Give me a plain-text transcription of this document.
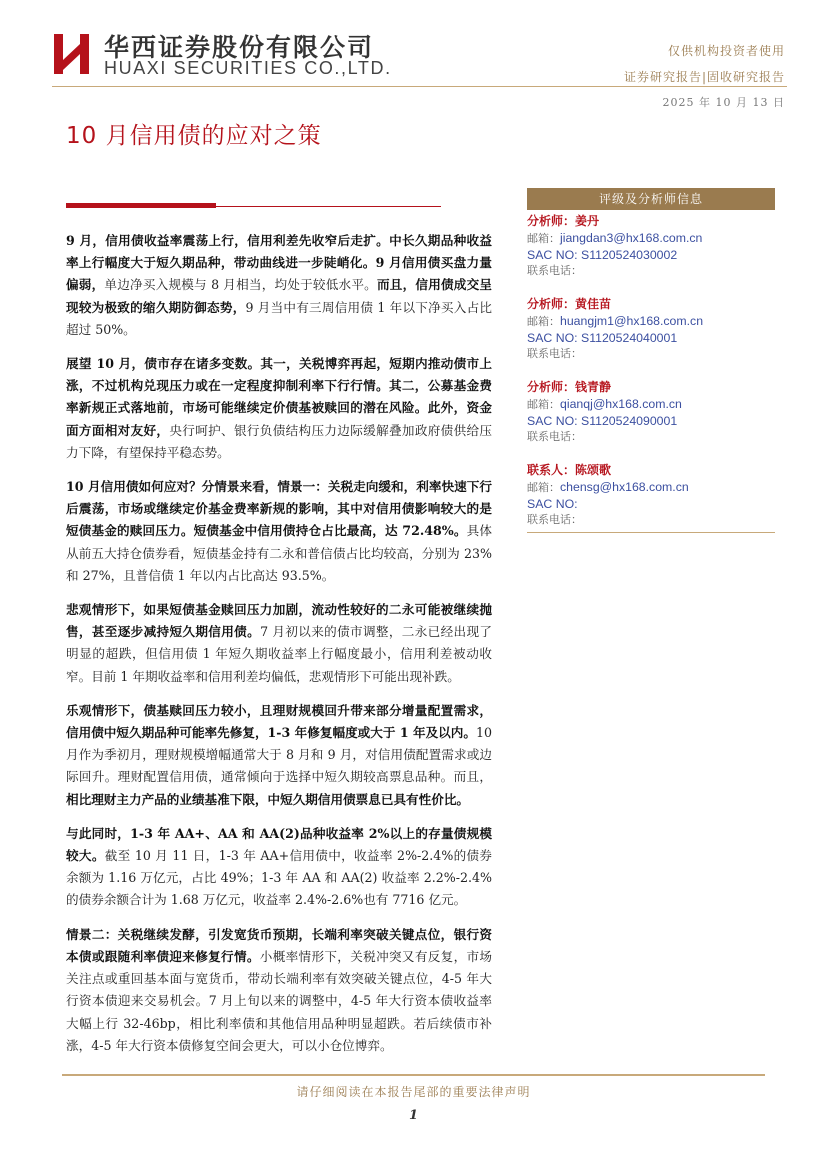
华西证券股份有限公司
HUAXI SECURITIES CO.,LTD.
仅供机构投资者使用
证券研究报告|固收研究报告
2025 年 10 月 13 日
10 月信用债的应对之策

9 月，信用债收益率震荡上行，信用利差先收窄后走扩。中长久期品种收益率上行幅度大于短久期品种，带动曲线进一步陡峭化。9 月信用债买盘力量偏弱，单边净买入规模与 8 月相当，均处于较低水平。而且，信用债成交呈现较为极致的缩久期防御态势，9 月当中有三周信用债 1 年以下净买入占比超过 50%。

展望 10 月，债市存在诸多变数。其一，关税博弈再起，短期内推动债市上涨，不过机构兑现压力或在一定程度抑制利率下行行情。其二，公募基金费率新规正式落地前，市场可能继续定价债基被赎回的潜在风险。此外，资金面方面相对友好，央行呵护、银行负债结构压力边际缓解叠加政府债供给压力下降，有望保持平稳态势。

10 月信用债如何应对？分情景来看，情景一：关税走向缓和，利率快速下行后震荡，市场或继续定价基金费率新规的影响，其中对信用债影响较大的是短债基金的赎回压力。短债基金中信用债持仓占比最高，达 72.48%。具体从前五大持仓债券看，短债基金持有二永和普信债占比均较高，分别为 23%和 27%，且普信债 1 年以内占比高达 93.5%。

悲观情形下，如果短债基金赎回压力加剧，流动性较好的二永可能被继续抛售，甚至逐步减持短久期信用债。7 月初以来的债市调整，二永已经出现了明显的超跌，但信用债 1 年短久期收益率上行幅度最小，信用利差被动收窄。目前 1 年期收益率和信用利差均偏低，悲观情形下可能出现补跌。

乐观情形下，债基赎回压力较小，且理财规模回升带来部分增量配置需求，信用债中短久期品种可能率先修复，1-3 年修复幅度或大于 1 年及以内。10 月作为季初月，理财规模增幅通常大于 8 月和 9 月，对信用债配置需求或边际回升。理财配置信用债，通常倾向于选择中短久期较高票息品种。而且，相比理财主力产品的业绩基准下限，中短久期信用债票息已具有性价比。

与此同时，1-3 年 AA+、AA 和 AA(2)品种收益率 2%以上的存量债规模较大。截至 10 月 11 日，1-3 年 AA+信用债中，收益率 2%-2.4%的债券余额为 1.16 万亿元，占比 49%；1-3 年 AA 和 AA(2) 收益率 2.2%-2.4%的债券余额合计为 1.68 万亿元，收益率 2.4%-2.6%也有 7716 亿元。

情景二：关税继续发酵，引发宽货币预期，长端利率突破关键点位，银行资本债或跟随利率债迎来修复行情。小概率情形下，关税冲突又有反复，市场关注点或重回基本面与宽货币，带动长端利率有效突破关键点位，4-5 年大行资本债迎来交易机会。7 月上旬以来的调整中，4-5 年大行资本债收益率大幅上行 32-46bp，相比利率债和其他信用品种明显超跌。若后续债市补涨，4-5 年大行资本债修复空间会更大，可以小仓位博弈。

评级及分析师信息
分析师：姜丹
邮箱：jiangdan3@hx168.com.cn
SAC NO: S1120524030002
联系电话：
分析师：黄佳苗
邮箱：huangjm1@hx168.com.cn
SAC NO: S1120524040001
联系电话：
分析师：钱青静
邮箱：qianqj@hx168.com.cn
SAC NO: S1120524090001
联系电话：
联系人：陈颂歌
邮箱：chensg@hx168.com.cn
SAC NO:
联系电话：
请仔细阅读在本报告尾部的重要法律声明
1
